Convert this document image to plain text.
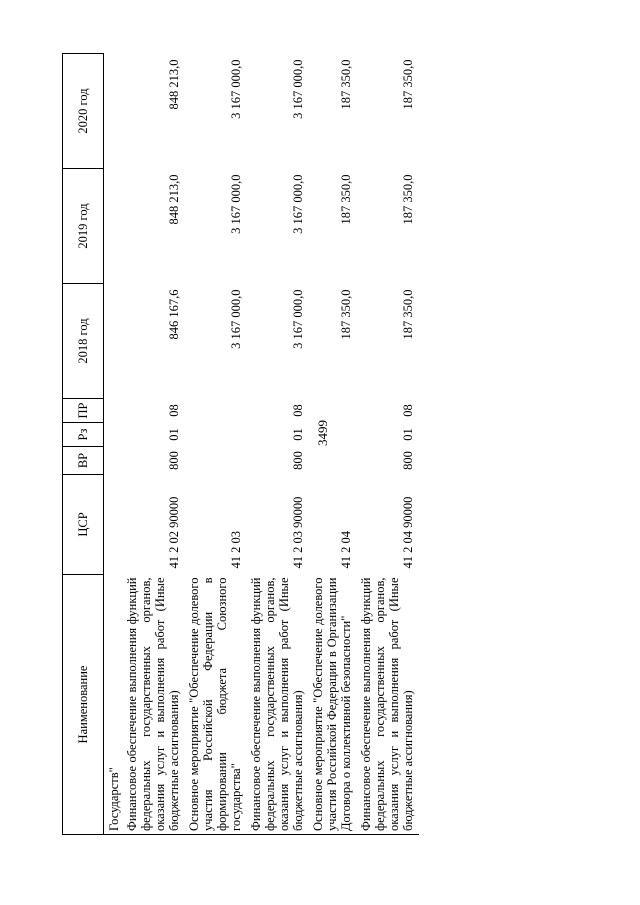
3499
Наименование	ЦСР	ВР	Рз	ПР	2018 год	2019 год	2020 год
Государств"							
Финансовое обеспечение выполнения функций федеральных государственных органов, оказания услуг и выполнения работ (Иные бюджетные ассигнования)	41 2 02 90000	800	01	08	846 167,6	848 213,0	848 213,0
Основное мероприятие "Обеспечение долевого участия Российской Федерации в формировании бюджета Союзного государства"	41 2 03				3 167 000,0	3 167 000,0	3 167 000,0
Финансовое обеспечение выполнения функций федеральных государственных органов, оказания услуг и выполнения работ (Иные бюджетные ассигнования)	41 2 03 90000	800	01	08	3 167 000,0	3 167 000,0	3 167 000,0
Основное мероприятие "Обеспечение долевого участия Российской Федерации в Организации Договора о коллективной безопасности"	41 2 04				187 350,0	187 350,0	187 350,0
Финансовое обеспечение выполнения функций федеральных государственных органов, оказания услуг и выполнения работ (Иные бюджетные ассигнования)	41 2 04 90000	800	01	08	187 350,0	187 350,0	187 350,0
